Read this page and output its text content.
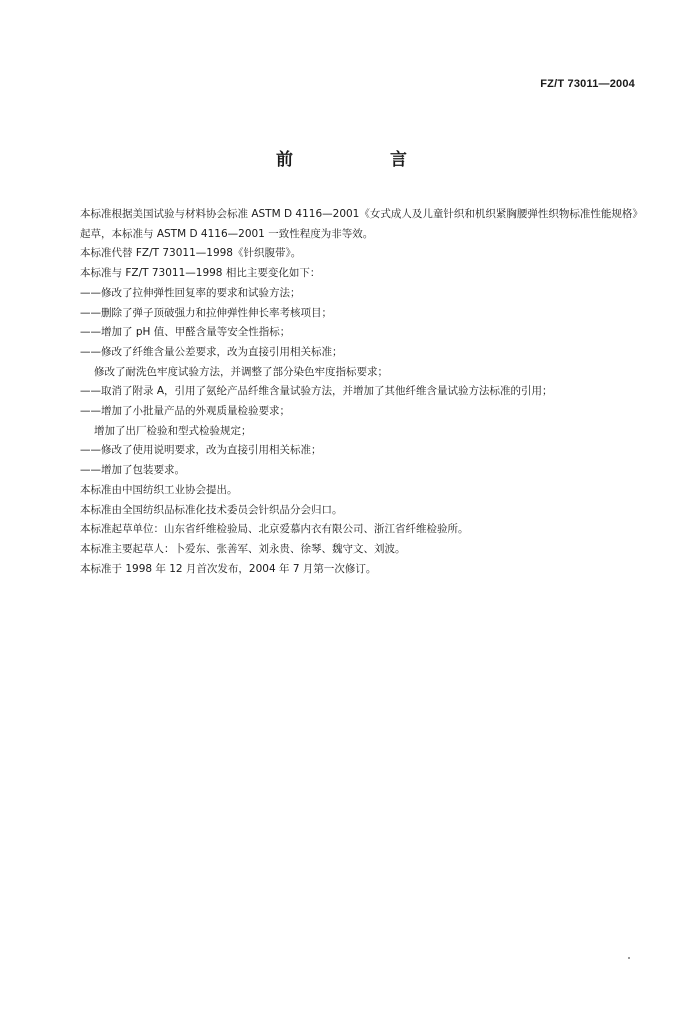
FZ/T 73011—2004
前　言

本标准根据美国试验与材料协会标准 ASTM D 4116—2001《女式成人及儿童针织和机织紧胸腰弹性织物标准性能规格》起草，本标准与 ASTM D 4116—2001 一致性程度为非等效。

本标准代替 FZ/T 73011—1998《针织腹带》。

本标准与 FZ/T 73011—1998 相比主要变化如下：

——修改了拉伸弹性回复率的要求和试验方法；

——删除了弹子顶破强力和拉伸弹性伸长率考核项目；

——增加了 pH 值、甲醛含量等安全性指标；

——修改了纤维含量公差要求，改为直接引用相关标准；

修改了耐洗色牢度试验方法，并调整了部分染色牢度指标要求；

——取消了附录 A，引用了氨纶产品纤维含量试验方法，并增加了其他纤维含量试验方法标准的引用；

——增加了小批量产品的外观质量检验要求；

增加了出厂检验和型式检验规定；

——修改了使用说明要求，改为直接引用相关标准；

——增加了包装要求。

本标准由中国纺织工业协会提出。

本标准由全国纺织品标准化技术委员会针织品分会归口。

本标准起草单位：山东省纤维检验局、北京爱慕内衣有限公司、浙江省纤维检验所。

本标准主要起草人：卜爱东、张善军、刘永贵、徐琴、魏守文、刘波。

本标准于 1998 年 12 月首次发布，2004 年 7 月第一次修订。
